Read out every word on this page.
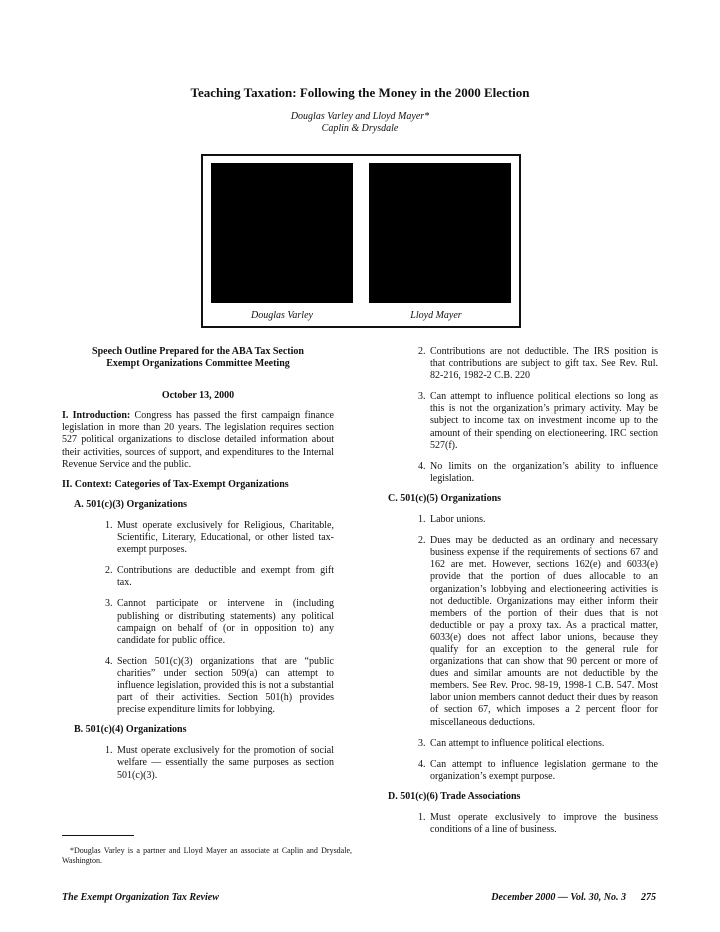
Teaching Taxation: Following the Money in the 2000 Election
Douglas Varley and Lloyd Mayer*
Caplin & Drysdale
Douglas Varley	Lloyd Mayer

Speech Outline Prepared for the ABA Tax Section
Exempt Organizations Committee Meeting

October 13, 2000

I. Introduction: Congress has passed the first campaign finance legislation in more than 20 years. The legislation requires section 527 political organizations to disclose detailed information about their activities, sources of support, and expenditures to the Internal Revenue Service and the public.

II. Context: Categories of Tax-Exempt Organizations

A. 501(c)(3) Organizations

1. Must operate exclusively for Religious, Charitable, Scientific, Literary, Educational, or other listed tax-exempt purposes.
2. Contributions are deductible and exempt from gift tax.
3. Cannot participate or intervene in (including publishing or distributing statements) any political campaign on behalf of (or in opposition to) any candidate for public office.
4. Section 501(c)(3) organizations that are “public charities” under section 509(a) can attempt to influence legislation, provided this is not a substantial part of their activities. Section 501(h) provides precise expenditure limits for lobbying.

B. 501(c)(4) Organizations

1. Must operate exclusively for the promotion of social welfare — essentially the same purposes as section 501(c)(3).
2. Contributions are not deductible. The IRS position is that contributions are subject to gift tax. See Rev. Rul. 82-216, 1982-2 C.B. 220
3. Can attempt to influence political elections so long as this is not the organization’s primary activity. May be subject to income tax on investment income up to the amount of their spending on electioneering. IRC section 527(f).
4. No limits on the organization’s ability to influence legislation.

C. 501(c)(5) Organizations

1. Labor unions.
2. Dues may be deducted as an ordinary and necessary business expense if the requirements of sections 67 and 162 are met. However, sections 162(e) and 6033(e) provide that the portion of dues allocable to an organization’s lobbying and electioneering activities is not deductible. Organizations may either inform their members of the portion of their dues that is not deductible or pay a proxy tax. As a practical matter, 6033(e) does not affect labor unions, because they qualify for an exception to the general rule for organizations that can show that 90 percent or more of dues and similar amounts are not deductible by the members. See Rev. Proc. 98-19, 1998-1 C.B. 547. Most labor union members cannot deduct their dues by reason of section 67, which imposes a 2 percent floor for miscellaneous deductions.
3. Can attempt to influence political elections.
4. Can attempt to influence legislation germane to the organization’s exempt purpose.

D. 501(c)(6) Trade Associations

1. Must operate exclusively to improve the business conditions of a line of business.
*Douglas Varley is a partner and Lloyd Mayer an associate at Caplin and Drysdale, Washington.
The Exempt Organization Tax Review	December 2000 — Vol. 30, No. 3      275
